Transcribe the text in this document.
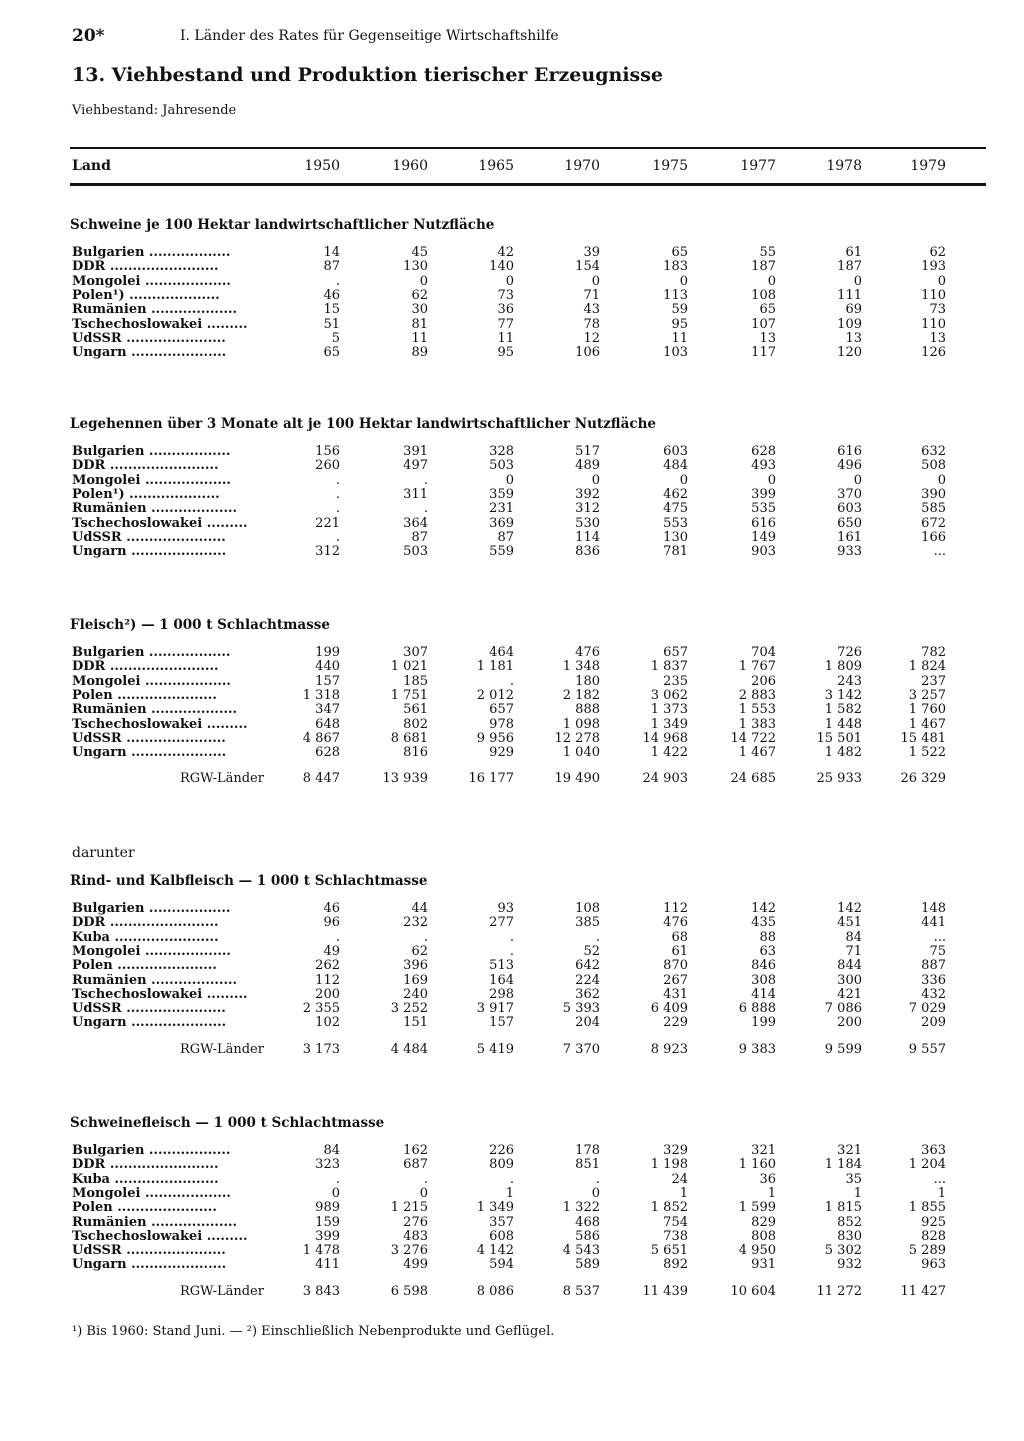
20*	I. Länder des Rates für Gegenseitige Wirtschaftshilfe
13. Viehbestand und Produktion tierischer Erzeugnisse
Viehbestand: Jahresende
Land	1950	1960	1965	1970	1975	1977	1978	1979
Schweine je 100 Hektar landwirtschaftlicher Nutzfläche
Bulgarien ..................	14	45	42	39	65	55	61	62
DDR ........................	87	130	140	154	183	187	187	193
Mongolei ...................	.	0	0	0	0	0	0	0
Polen¹) ....................	46	62	73	71	113	108	111	110
Rumänien ...................	15	30	36	43	59	65	69	73
Tschechoslowakei .........	51	81	77	78	95	107	109	110
UdSSR ......................	5	11	11	12	11	13	13	13
Ungarn .....................	65	89	95	106	103	117	120	126
Legehennen über 3 Monate alt je 100 Hektar landwirtschaftlicher Nutzfläche
Bulgarien ..................	156	391	328	517	603	628	616	632
DDR ........................	260	497	503	489	484	493	496	508
Mongolei ...................	.	.	0	0	0	0	0	0
Polen¹) ....................	.	311	359	392	462	399	370	390
Rumänien ...................	.	.	231	312	475	535	603	585
Tschechoslowakei .........	221	364	369	530	553	616	650	672
UdSSR ......................	.	87	87	114	130	149	161	166
Ungarn .....................	312	503	559	836	781	903	933	...
Fleisch²) — 1 000 t Schlachtmasse
Bulgarien ..................	199	307	464	476	657	704	726	782
DDR ........................	440	1 021	1 181	1 348	1 837	1 767	1 809	1 824
Mongolei ...................	157	185	.	180	235	206	243	237
Polen ......................	1 318	1 751	2 012	2 182	3 062	2 883	3 142	3 257
Rumänien ...................	347	561	657	888	1 373	1 553	1 582	1 760
Tschechoslowakei .........	648	802	978	1 098	1 349	1 383	1 448	1 467
UdSSR ......................	4 867	8 681	9 956	12 278	14 968	14 722	15 501	15 481
Ungarn .....................	628	816	929	1 040	1 422	1 467	1 482	1 522
RGW-Länder	8 447	13 939	16 177	19 490	24 903	24 685	25 933	26 329
darunter
Rind- und Kalbfleisch — 1 000 t Schlachtmasse
Bulgarien ..................	46	44	93	108	112	142	142	148
DDR ........................	96	232	277	385	476	435	451	441
Kuba .......................	.	.	.	.	68	88	84	...
Mongolei ...................	49	62	.	52	61	63	71	75
Polen ......................	262	396	513	642	870	846	844	887
Rumänien ...................	112	169	164	224	267	308	300	336
Tschechoslowakei .........	200	240	298	362	431	414	421	432
UdSSR ......................	2 355	3 252	3 917	5 393	6 409	6 888	7 086	7 029
Ungarn .....................	102	151	157	204	229	199	200	209
RGW-Länder	3 173	4 484	5 419	7 370	8 923	9 383	9 599	9 557
Schweinefleisch — 1 000 t Schlachtmasse
Bulgarien ..................	84	162	226	178	329	321	321	363
DDR ........................	323	687	809	851	1 198	1 160	1 184	1 204
Kuba .......................	.	.	.	.	24	36	35	...
Mongolei ...................	0	0	1	0	1	1	1	1
Polen ......................	989	1 215	1 349	1 322	1 852	1 599	1 815	1 855
Rumänien ...................	159	276	357	468	754	829	852	925
Tschechoslowakei .........	399	483	608	586	738	808	830	828
UdSSR ......................	1 478	3 276	4 142	4 543	5 651	4 950	5 302	5 289
Ungarn .....................	411	499	594	589	892	931	932	963
RGW-Länder	3 843	6 598	8 086	8 537	11 439	10 604	11 272	11 427
¹) Bis 1960: Stand Juni. — ²) Einschließlich Nebenprodukte und Geflügel.
